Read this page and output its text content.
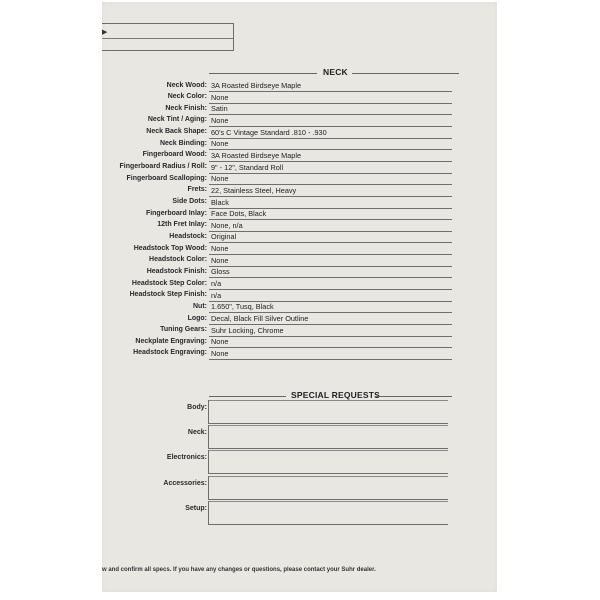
▶
NECK
Neck Wood: 3A Roasted Birdseye Maple
Neck Color: None
Neck Finish: Satin
Neck Tint / Aging: None
Neck Back Shape: 60's C Vintage Standard .810 - .930
Neck Binding: None
Fingerboard Wood: 3A Roasted Birdseye Maple
Fingerboard Radius / Roll: 9" - 12", Standard Roll
Fingerboard Scalloping: None
Frets: 22, Stainless Steel, Heavy
Side Dots: Black
Fingerboard Inlay: Face Dots, Black
12th Fret Inlay: None, n/a
Headstock: Original
Headstock Top Wood: None
Headstock Color: None
Headstock Finish: Gloss
Headstock Step Color: n/a
Headstock Step Finish: n/a
Nut: 1.650", Tusq, Black
Logo: Decal, Black Fill Silver Outline
Tuning Gears: Suhr Locking, Chrome
Neckplate Engraving: None
Headstock Engraving: None
SPECIAL REQUESTS
Body:
Neck:
Electronics:
Accessories:
Setup:
w and confirm all specs. If you have any changes or questions, please contact your Suhr dealer.
